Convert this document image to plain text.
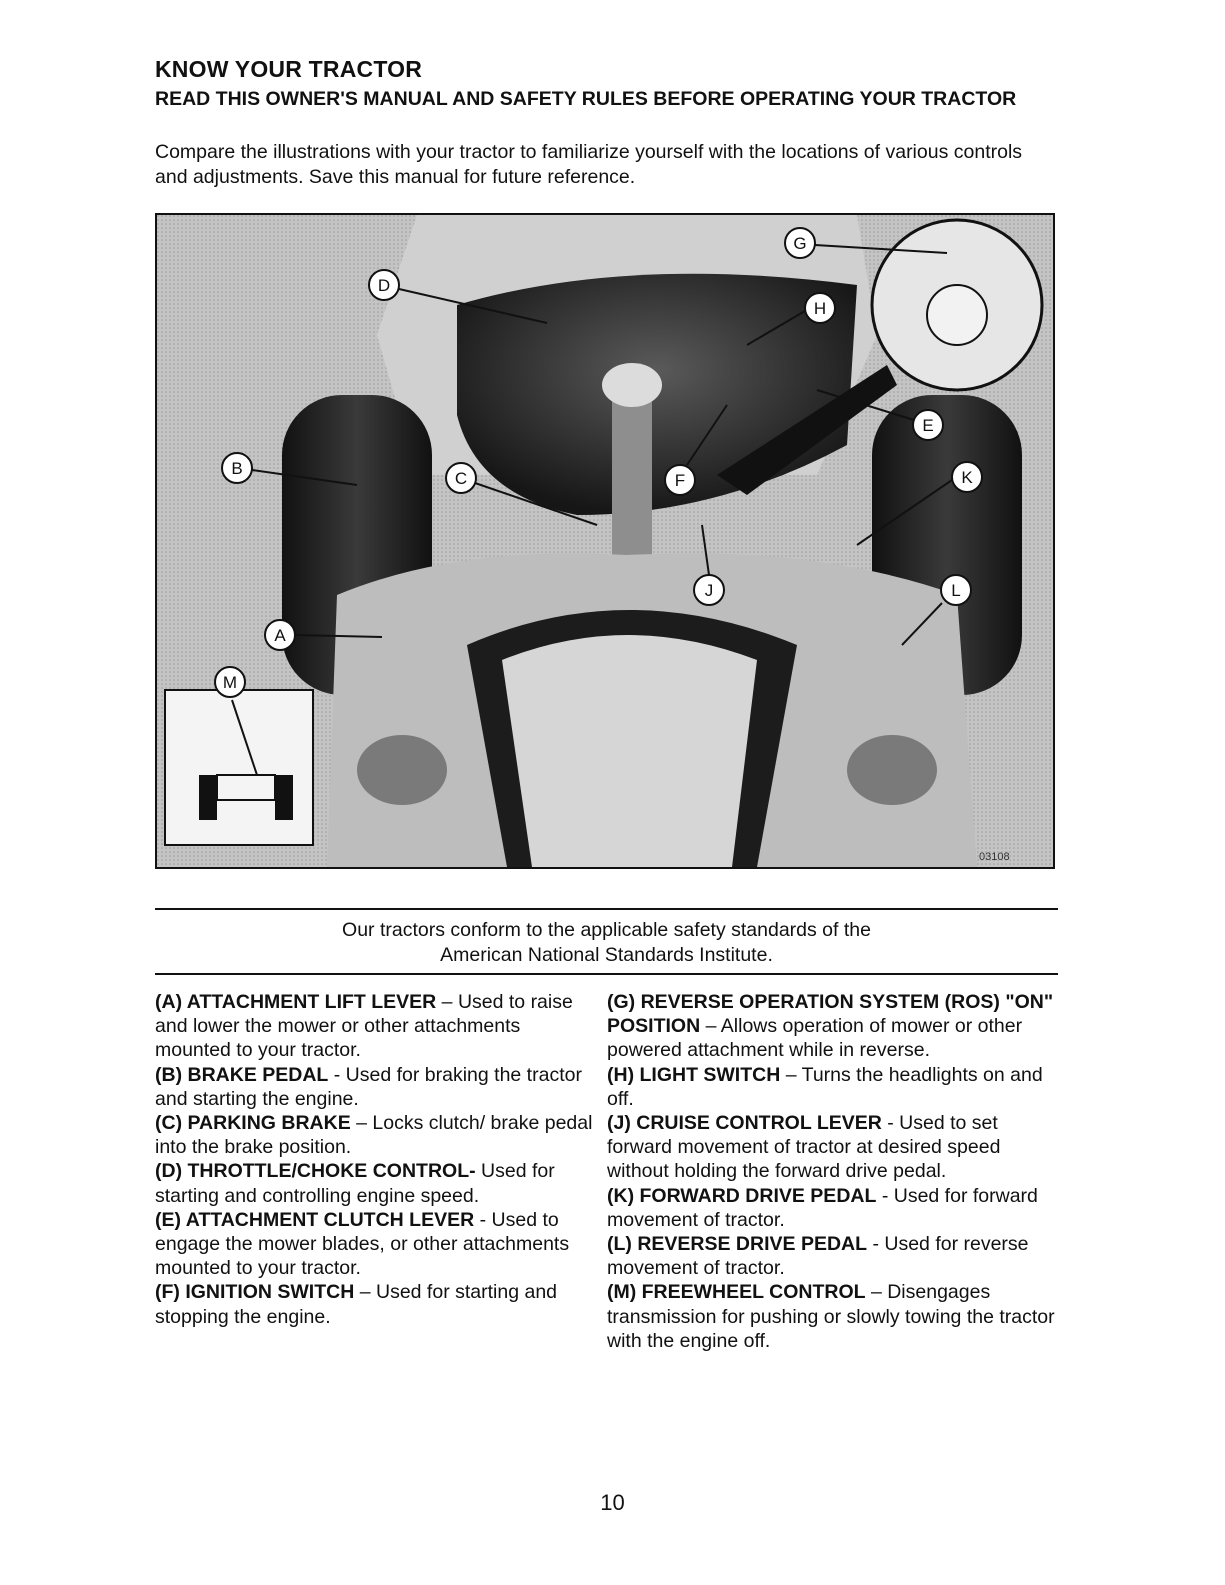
KNOW YOUR TRACTOR
READ THIS OWNER'S MANUAL AND SAFETY RULES BEFORE OPERATING YOUR TRACTOR
Compare the illustrations with your tractor to familiarize yourself with the locations of various controls and adjustments. Save this manual for future reference.
D
G
H
E
B
C	F	K
J	L
A
M
03108
Our tractors conform to the applicable safety standards of the
American National Standards Institute.

(A) ATTACHMENT LIFT LEVER – Used to raise and lower the mower or other attachments mounted to your tractor.

(B) BRAKE PEDAL - Used for braking the tractor and starting the engine.

(C) PARKING BRAKE – Locks clutch/ brake pedal into the brake position.

(D) THROTTLE/CHOKE CONTROL- Used for starting and controlling engine speed.

(E) ATTACHMENT CLUTCH LEVER - Used to engage the mower blades, or other attachments mounted to your tractor.

(F) IGNITION SWITCH – Used for starting and stopping the engine.

(G) REVERSE OPERATION SYSTEM (ROS) "ON" POSITION – Allows operation of mower or other powered attachment while in reverse.

(H) LIGHT SWITCH – Turns the headlights on and off.

(J) CRUISE CONTROL LEVER - Used to set forward movement of tractor at desired speed without holding the forward drive pedal.

(K) FORWARD DRIVE PEDAL - Used for forward movement of tractor.

(L) REVERSE DRIVE PEDAL - Used for reverse movement of tractor.

(M) FREEWHEEL CONTROL – Disengages transmission for pushing or slowly towing the tractor with the engine off.

10
